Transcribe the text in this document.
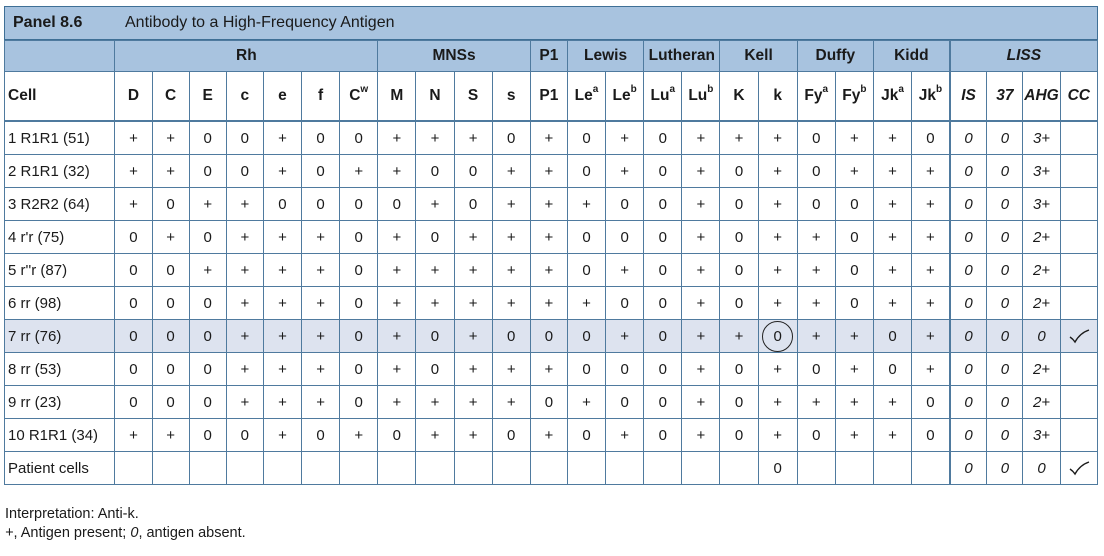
Panel 8.6	Antibody to a High-Frequency Antigen
	Rh							MNSs				P1	Lewis		Lutheran		Kell		Duffy		Kidd		LISS			
Cell	D	C	E	c	e	f	$C^w$	M	N	S	s	P1	Le$^a$	Le$^b$	Lu$^a$	Lu$^b$	K	k	Fy$^a$	Fy$^b$	Jk$^a$	Jk$^b$	IS	37	AHG	CC
1 R1R1 (51)	+	+	0	0	+	0	0	+	+	+	0	+	0	+	0	+	+	+	0	+	+	0	0	0	3+	
2 R1R1 (32)	+	+	0	0	+	0	+	+	0	0	+	+	0	+	0	+	0	+	0	+	+	+	0	0	3+	
3 R2R2 (64)	+	0	+	+	0	0	0	0	+	0	+	+	+	0	0	+	0	+	0	0	+	+	0	0	3+	
4 r'r (75)	0	+	0	+	+	+	0	+	0	+	+	+	0	0	0	+	0	+	+	0	+	+	0	0	2+	
5 r''r (87)	0	0	+	+	+	+	0	+	+	+	+	+	0	+	0	+	0	+	+	0	+	+	0	0	2+	
6 rr (98)	0	0	0	+	+	+	0	+	+	+	+	+	+	0	0	+	0	+	+	0	+	+	0	0	2+	
7 rr (76)	0	0	0	+	+	+	0	+	0	+	0	0	0	+	0	+	+	0	+	+	0	+	0	0	0	

8 rr (53)	0	0	0	+	+	+	0	+	0	+	+	+	0	0	0	+	0	+	0	+	0	+	0	0	2+	
9 rr (23)	0	0	0	+	+	+	0	+	+	+	+	0	+	0	0	+	0	+	+	+	+	0	0	0	2+	
10 R1R1 (34)	+	+	0	0	+	0	+	0	+	+	0	+	0	+	0	+	0	+	0	+	+	0	0	0	3+	
Patient cells																		0					0	0	0	
Interpretation: Anti-k.
+, Antigen present; 0, antigen absent.
